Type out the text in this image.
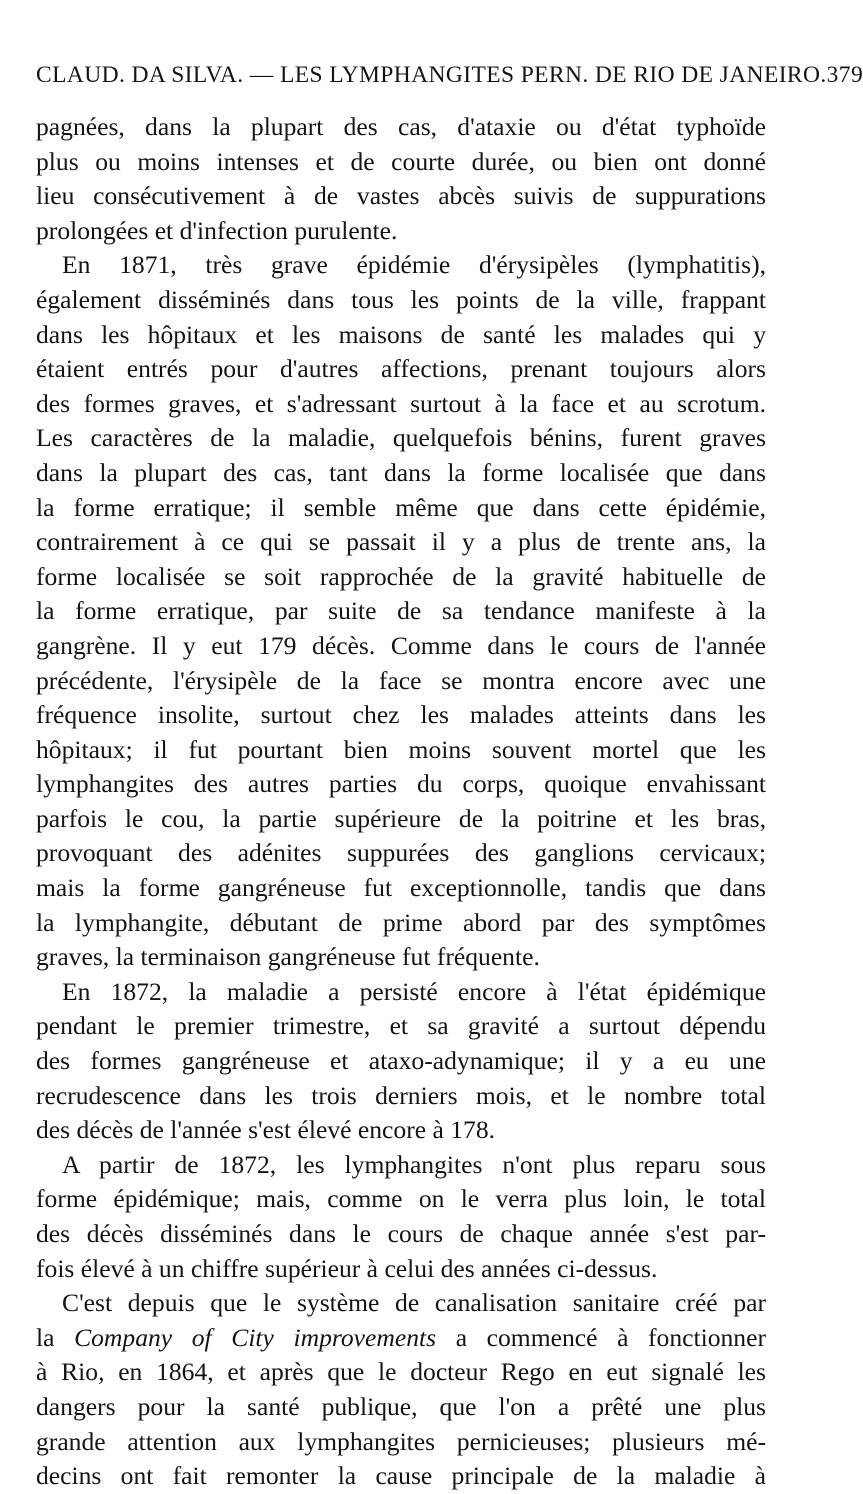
CLAUD. DA SILVA. — LES LYMPHANGITES PERN. DE RIO DE JANEIRO. 379
pagnées, dans la plupart des cas, d'ataxie ou d'état typhoïde
plus ou moins intenses et de courte durée, ou bien ont donné
lieu consécutivement à de vastes abcès suivis de suppurations
prolongées et d'infection purulente.
En 1871, très grave épidémie d'érysipèles (lymphatitis),
également disséminés dans tous les points de la ville, frappant
dans les hôpitaux et les maisons de santé les malades qui y
étaient entrés pour d'autres affections, prenant toujours alors
des formes graves, et s'adressant surtout à la face et au scrotum.
Les caractères de la maladie, quelquefois bénins, furent graves
dans la plupart des cas, tant dans la forme localisée que dans
la forme erratique; il semble même que dans cette épidémie,
contrairement à ce qui se passait il y a plus de trente ans, la
forme localisée se soit rapprochée de la gravité habituelle de
la forme erratique, par suite de sa tendance manifeste à la
gangrène. Il y eut 179 décès. Comme dans le cours de l'année
précédente, l'érysipèle de la face se montra encore avec une
fréquence insolite, surtout chez les malades atteints dans les
hôpitaux; il fut pourtant bien moins souvent mortel que les
lymphangites des autres parties du corps, quoique envahissant
parfois le cou, la partie supérieure de la poitrine et les bras,
provoquant des adénites suppurées des ganglions cervicaux;
mais la forme gangréneuse fut exceptionnolle, tandis que dans
la lymphangite, débutant de prime abord par des symptômes
graves, la terminaison gangréneuse fut fréquente.
En 1872, la maladie a persisté encore à l'état épidémique
pendant le premier trimestre, et sa gravité a surtout dépendu
des formes gangréneuse et ataxo-adynamique; il y a eu une
recrudescence dans les trois derniers mois, et le nombre total
des décès de l'année s'est élevé encore à 178.
A partir de 1872, les lymphangites n'ont plus reparu sous
forme épidémique; mais, comme on le verra plus loin, le total
des décès disséminés dans le cours de chaque année s'est par-
fois élevé à un chiffre supérieur à celui des années ci-dessus.
C'est depuis que le système de canalisation sanitaire créé par
la Company of City improvements a commencé à fonctionner
à Rio, en 1864, et après que le docteur Rego en eut signalé les
dangers pour la santé publique, que l'on a prêté une plus
grande attention aux lymphangites pernicieuses; plusieurs mé-
decins ont fait remonter la cause principale de la maladie à
